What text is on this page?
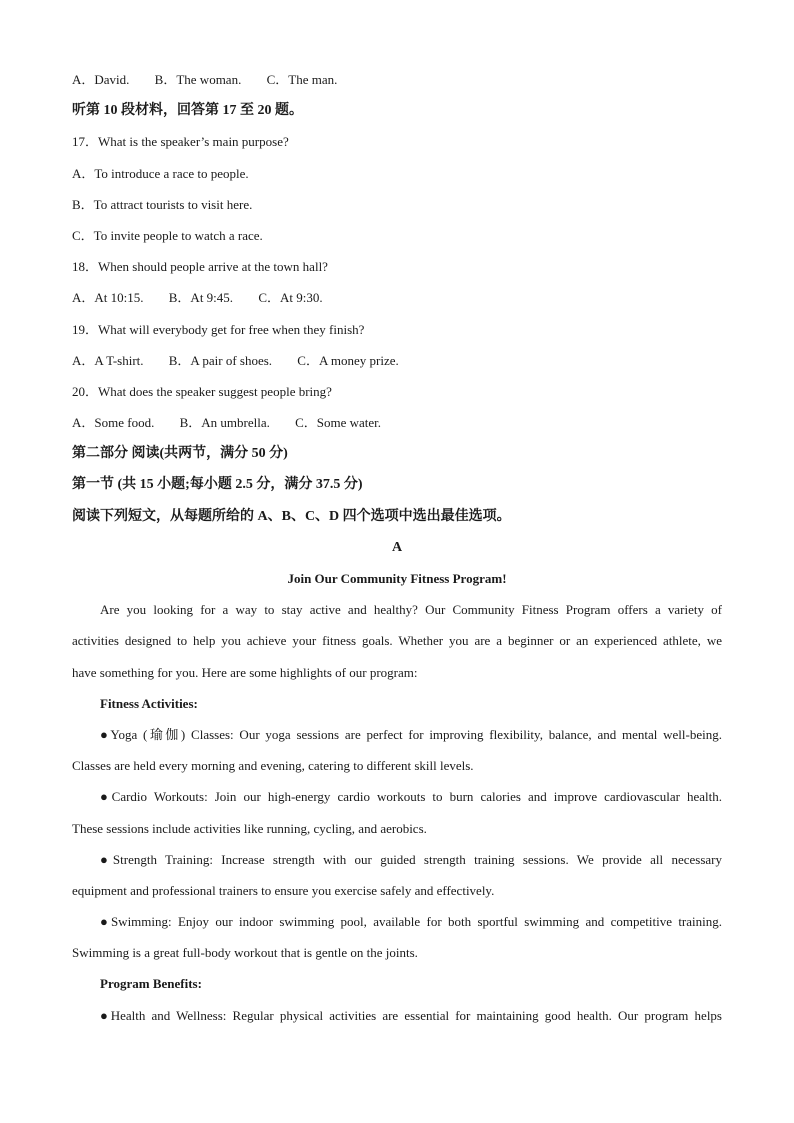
A．David. B．The woman. C．The man.
听第 10 段材料，回答第 17 至 20 题。
17．What is the speaker’s main purpose?
A．To introduce a race to people.
B．To attract tourists to visit here.
C．To invite people to watch a race.
18．When should people arrive at the town hall?
A．At 10:15. B．At 9:45. C．At 9:30.
19．What will everybody get for free when they finish?
A．A T-shirt. B．A pair of shoes. C．A money prize.
20．What does the speaker suggest people bring?
A．Some food. B．An umbrella. C．Some water.
第二部分 阅读(共两节，满分 50 分)
第一节 (共 15 小题;每小题 2.5 分，满分 37.5 分)
阅读下列短文，从每题所给的 A、B、C、D 四个选项中选出最佳选项。
A
Join Our Community Fitness Program!
Are you looking for a way to stay active and healthy? Our Community Fitness Program offers a variety of
activities designed to help you achieve your fitness goals. Whether you are a beginner or an experienced athlete, we
have something for you. Here are some highlights of our program:
Fitness Activities:
●Yoga (瑜伽) Classes: Our yoga sessions are perfect for improving flexibility, balance, and mental well-being.
Classes are held every morning and evening, catering to different skill levels.
●Cardio Workouts: Join our high-energy cardio workouts to burn calories and improve cardiovascular health.
These sessions include activities like running, cycling, and aerobics.
●Strength Training: Increase strength with our guided strength training sessions. We provide all necessary
equipment and professional trainers to ensure you exercise safely and effectively.
●Swimming: Enjoy our indoor swimming pool, available for both sportful swimming and competitive training.
Swimming is a great full-body workout that is gentle on the joints.
Program Benefits:
●Health and Wellness: Regular physical activities are essential for maintaining good health. Our program helps
